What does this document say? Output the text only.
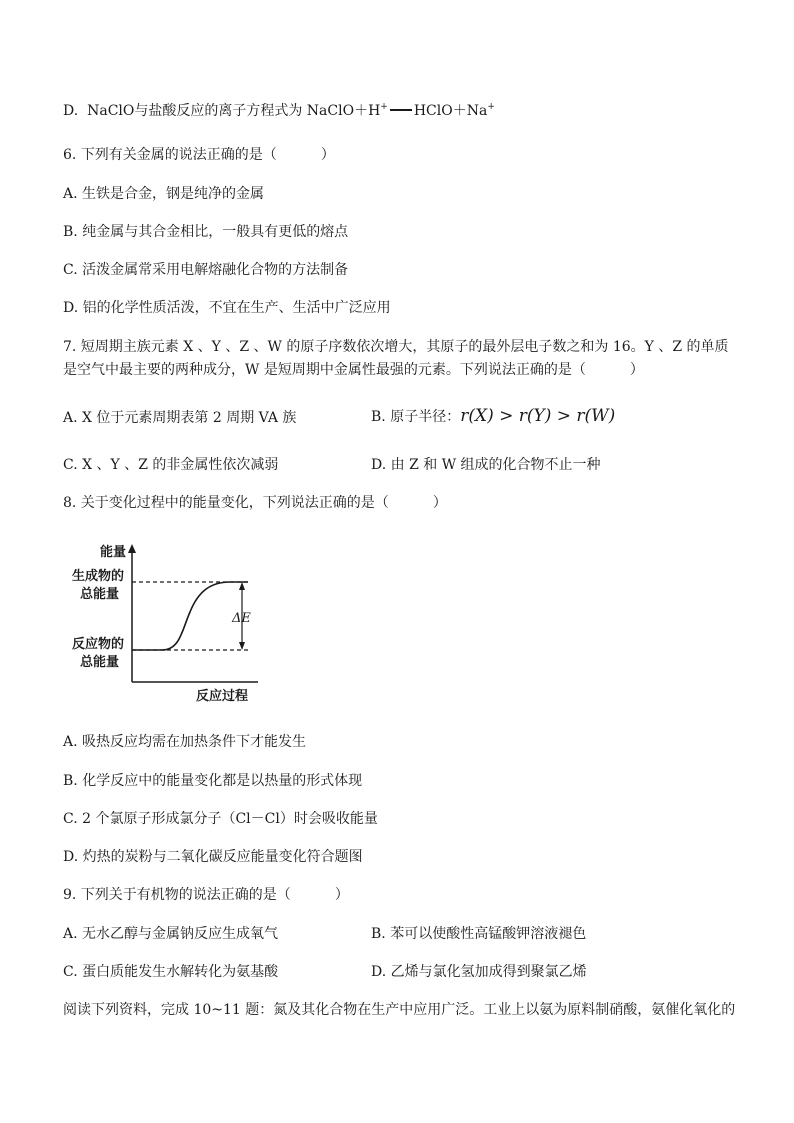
D. NaClO与盐酸反应的离子方程式为 NaClO＋H+ HClO＋Na+
6. 下列有关金属的说法正确的是（	）
A. 生铁是合金，钢是纯净的金属
B. 纯金属与其合金相比，一般具有更低的熔点
C. 活泼金属常采用电解熔融化合物的方法制备
D. 铝的化学性质活泼，不宜在生产、生活中广泛应用
7. 短周期主族元素 X 、Y 、Z 、W 的原子序数依次增大，其原子的最外层电子数之和为 16。Y 、Z 的单质
是空气中最主要的两种成分，W 是短周期中金属性最强的元素。下列说法正确的是（	）
A. X 位于元素周期表第 2 周期 VA 族	B. 原子半径：r(X) > r(Y) > r(W)
C. X 、Y 、Z 的非金属性依次减弱	D. 由 Z 和 W 组成的化合物不止一种
8. 关于变化过程中的能量变化，下列说法正确的是（	）
能量
生成物的
总能量
反应物的
总能量
ΔE
反应过程
A. 吸热反应均需在加热条件下才能发生
B. 化学反应中的能量变化都是以热量的形式体现
C. 2 个氯原子形成氯分子（Cl－Cl）时会吸收能量
D. 灼热的炭粉与二氧化碳反应能量变化符合题图
9. 下列关于有机物的说法正确的是（	）
A. 无水乙醇与金属钠反应生成氧气	B. 苯可以使酸性高锰酸钾溶液褪色
C. 蛋白质能发生水解转化为氨基酸	D. 乙烯与氯化氢加成得到聚氯乙烯
阅读下列资料，完成 10~11 题：氮及其化合物在生产中应用广泛。工业上以氨为原料制硝酸，氨催化氧化的
